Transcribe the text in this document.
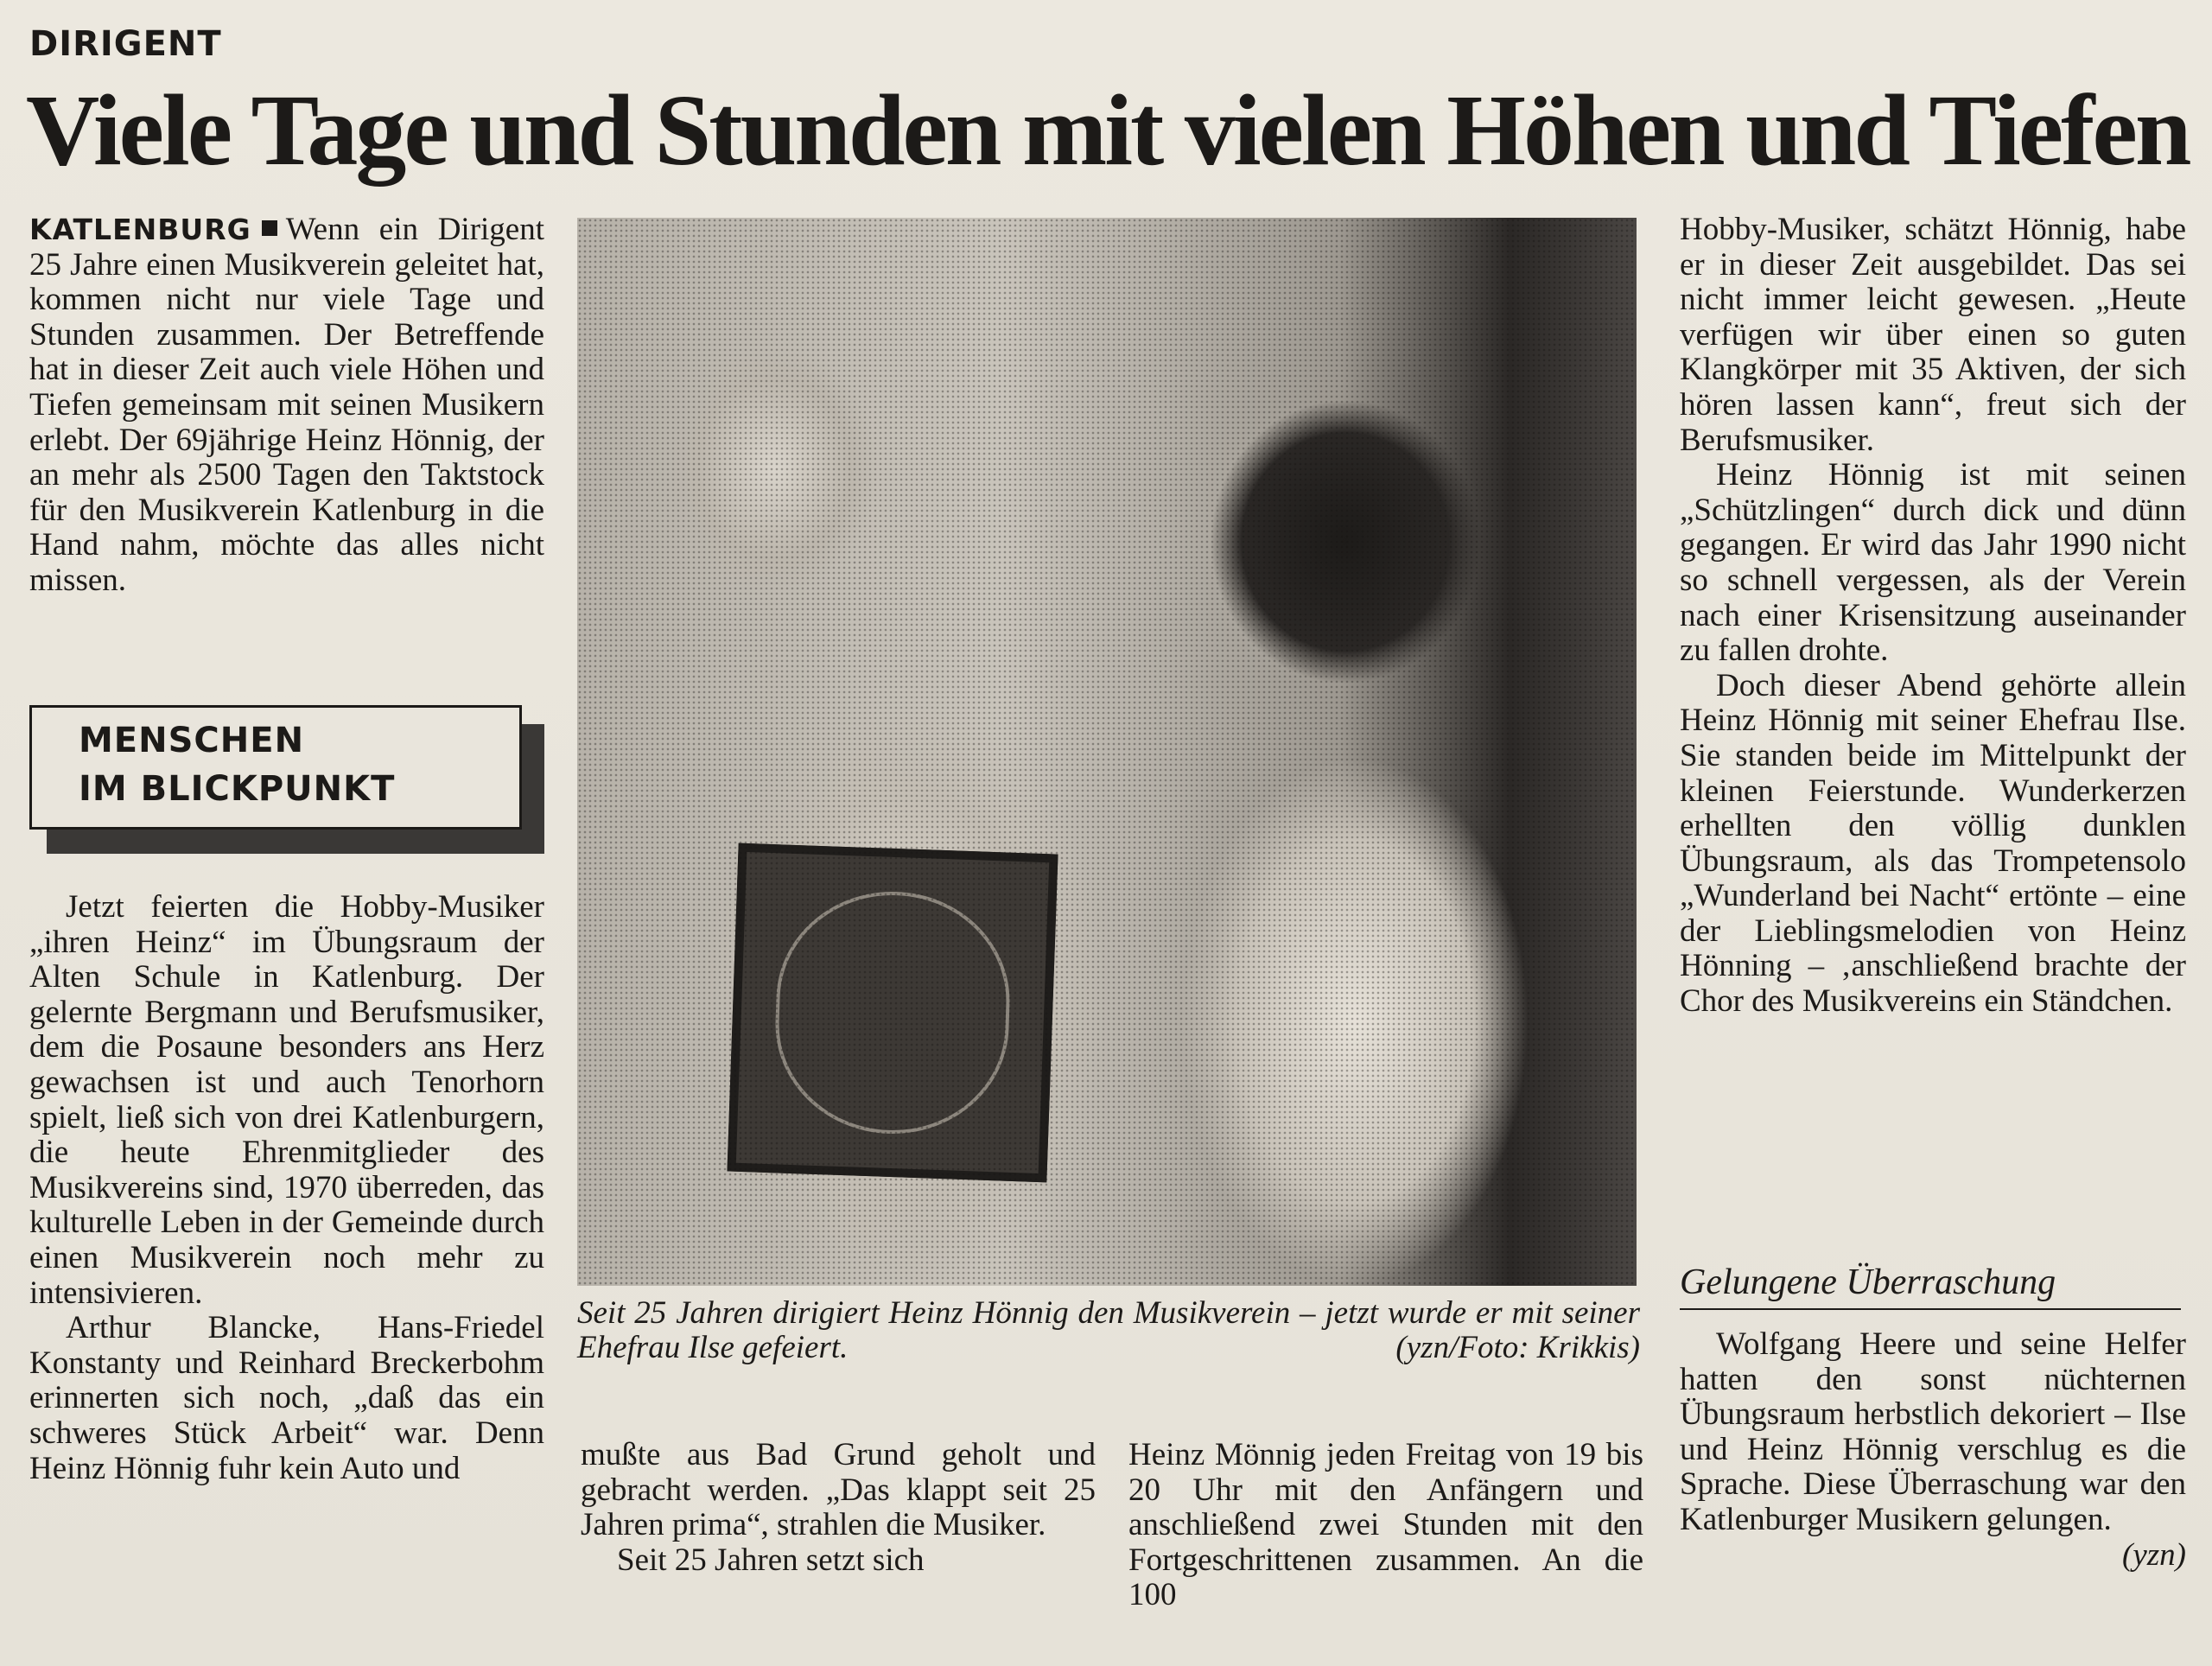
DIRIGENT
Viele Tage und Stunden mit vielen Höhen und Tiefen

KATLENBURG Wenn ein Dirigent 25 Jahre einen Musikverein geleitet hat, kommen nicht nur viele Tage und Stunden zusammen. Der Betreffende hat in dieser Zeit auch viele Höhen und Tiefen gemeinsam mit seinen Musikern erlebt. Der 69jährige Heinz Hönnig, der an mehr als 2500 Tagen den Taktstock für den Musikverein Katlenburg in die Hand nahm, möchte das alles nicht missen.

MENSCHEN
IM BLICKPUNKT

Jetzt feierten die Hobby-Musiker „ihren Heinz“ im Übungsraum der Alten Schule in Katlenburg. Der gelernte Bergmann und Berufsmusiker, dem die Posaune besonders ans Herz gewachsen ist und auch Tenorhorn spielt, ließ sich von drei Katlenburgern, die heute Ehrenmitglieder des Musikvereins sind, 1970 überreden, das kulturelle Leben in der Gemeinde durch einen Musikverein noch mehr zu intensivieren.

Arthur Blancke, Hans-Friedel Konstanty und Reinhard Breckerbohm erinnerten sich noch, „daß das ein schweres Stück Arbeit“ war. Denn Heinz Hönnig fuhr kein Auto und

Seit 25 Jahren dirigiert Heinz Hönnig den Musikverein – jetzt wurde er mit seiner Ehefrau Ilse gefeiert.	(yzn/Foto: Krikkis)

mußte aus Bad Grund geholt und gebracht werden. „Das klappt seit 25 Jahren prima“, strahlen die Musiker.

Seit 25 Jahren setzt sich

Heinz Mönnig jeden Freitag von 19 bis 20 Uhr mit den Anfängern und anschließend zwei Stunden mit den Fortgeschrittenen zusammen. An die 100

Hobby-Musiker, schätzt Hönnig, habe er in dieser Zeit ausgebildet. Das sei nicht immer leicht gewesen. „Heute verfügen wir über einen so guten Klangkörper mit 35 Aktiven, der sich hören lassen kann“, freut sich der Berufsmusiker.

Heinz Hönnig ist mit seinen „Schützlingen“ durch dick und dünn gegangen. Er wird das Jahr 1990 nicht so schnell vergessen, als der Verein nach einer Krisensitzung auseinander zu fallen drohte.

Doch dieser Abend gehörte allein Heinz Hönnig mit seiner Ehefrau Ilse. Sie standen beide im Mittelpunkt der kleinen Feierstunde. Wunderkerzen erhellten den völlig dunklen Übungsraum, als das Trompetensolo „Wunderland bei Nacht“ ertönte – eine der Lieblingsmelodien von Heinz Hönning – ‚anschließend brachte der Chor des Musikvereins ein Ständchen.

Gelungene Überraschung

Wolfgang Heere und seine Helfer hatten den sonst nüchternen Übungsraum herbstlich dekoriert – Ilse und Heinz Hönnig verschlug es die Sprache. Diese Überraschung war den Katlenburger Musikern gelungen.
(yzn)
